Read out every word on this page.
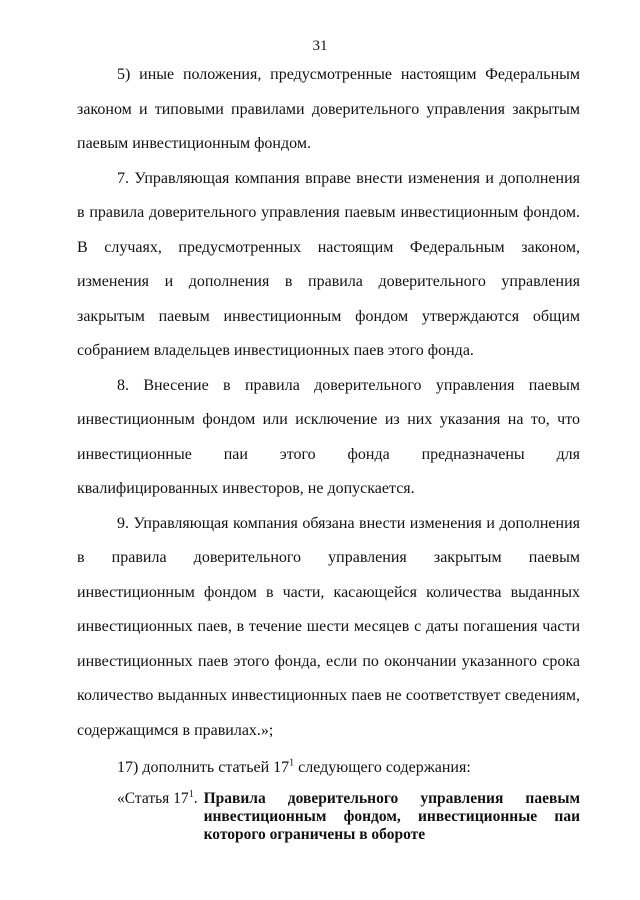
31

5) иные положения, предусмотренные настоящим Федеральным законом и типовыми правилами доверительного управления закрытым паевым инвестиционным фондом.

7. Управляющая компания вправе внести изменения и дополнения в правила доверительного управления паевым инвестиционным фондом. В случаях, предусмотренных настоящим Федеральным законом, изменения и дополнения в правила доверительного управления закрытым паевым инвестиционным фондом утверждаются общим собранием владельцев инвестиционных паев этого фонда.

8. Внесение в правила доверительного управления паевым инвестиционным фондом или исключение из них указания на то, что инвестиционные паи этого фонда предназначены для квалифицированных инвесторов, не допускается.

9. Управляющая компания обязана внести изменения и дополнения в правила доверительного управления закрытым паевым инвестиционным фондом в части, касающейся количества выданных инвестиционных паев, в течение шести месяцев с даты погашения части инвестиционных паев этого фонда, если по окончании указанного срока количество выданных инвестиционных паев не соответствует сведениям, содержащимся в правилах.»;

17) дополнить статьей $17^1$ следующего содержания:

«Статья $17^1$. Правила доверительного управления паевым инвестиционным фондом, инвестиционные паи которого ограничены в обороте
